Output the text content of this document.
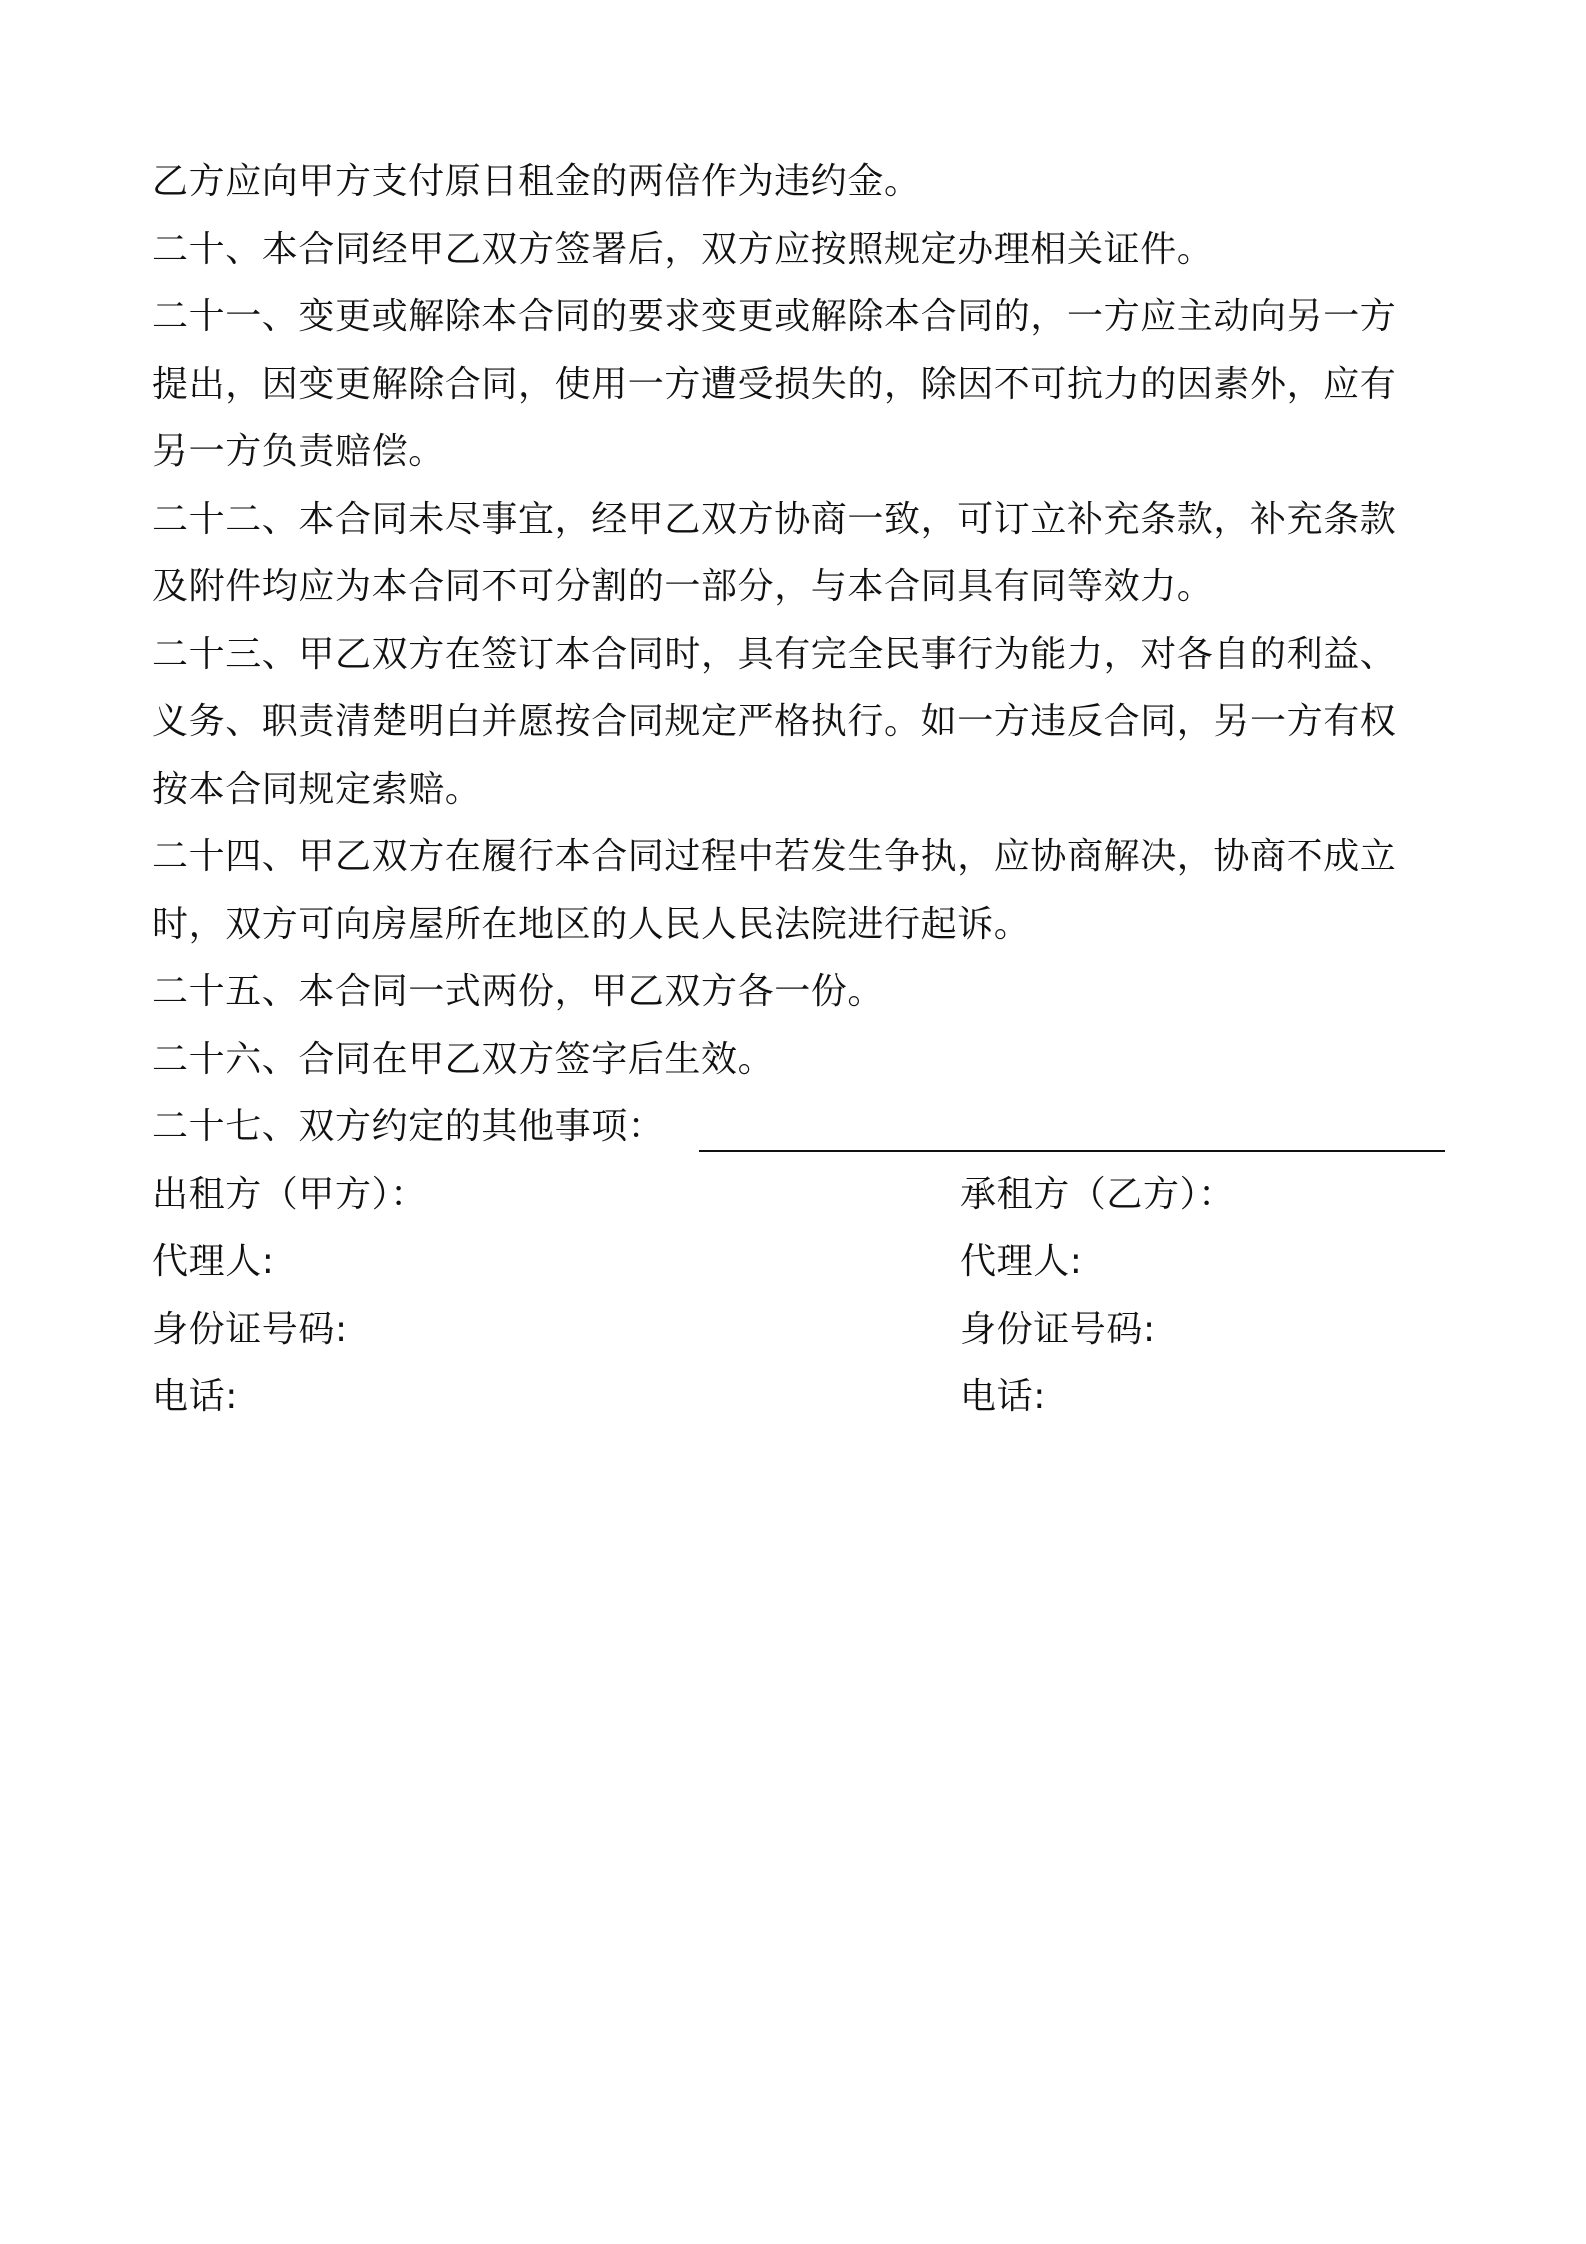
乙方应向甲方支付原日租金的两倍作为违约金。

二十、本合同经甲乙双方签署后，双方应按照规定办理相关证件。

二十一、变更或解除本合同的要求变更或解除本合同的，一方应主动向另一方

提出，因变更解除合同，使用一方遭受损失的，除因不可抗力的因素外，应有

另一方负责赔偿。

二十二、本合同未尽事宜，经甲乙双方协商一致，可订立补充条款，补充条款

及附件均应为本合同不可分割的一部分，与本合同具有同等效力。

二十三、甲乙双方在签订本合同时，具有完全民事行为能力，对各自的利益、

义务、职责清楚明白并愿按合同规定严格执行。如一方违反合同，另一方有权

按本合同规定索赔。

二十四、甲乙双方在履行本合同过程中若发生争执，应协商解决，协商不成立

时，双方可向房屋所在地区的人民人民法院进行起诉。

二十五、本合同一式两份，甲乙双方各一份。

二十六、合同在甲乙双方签字后生效。

二十七、双方约定的其他事项：

出租方（甲方）：

代理人:

身份证号码:

电话:

承租方（乙方）：

代理人:

身份证号码:

电话:
